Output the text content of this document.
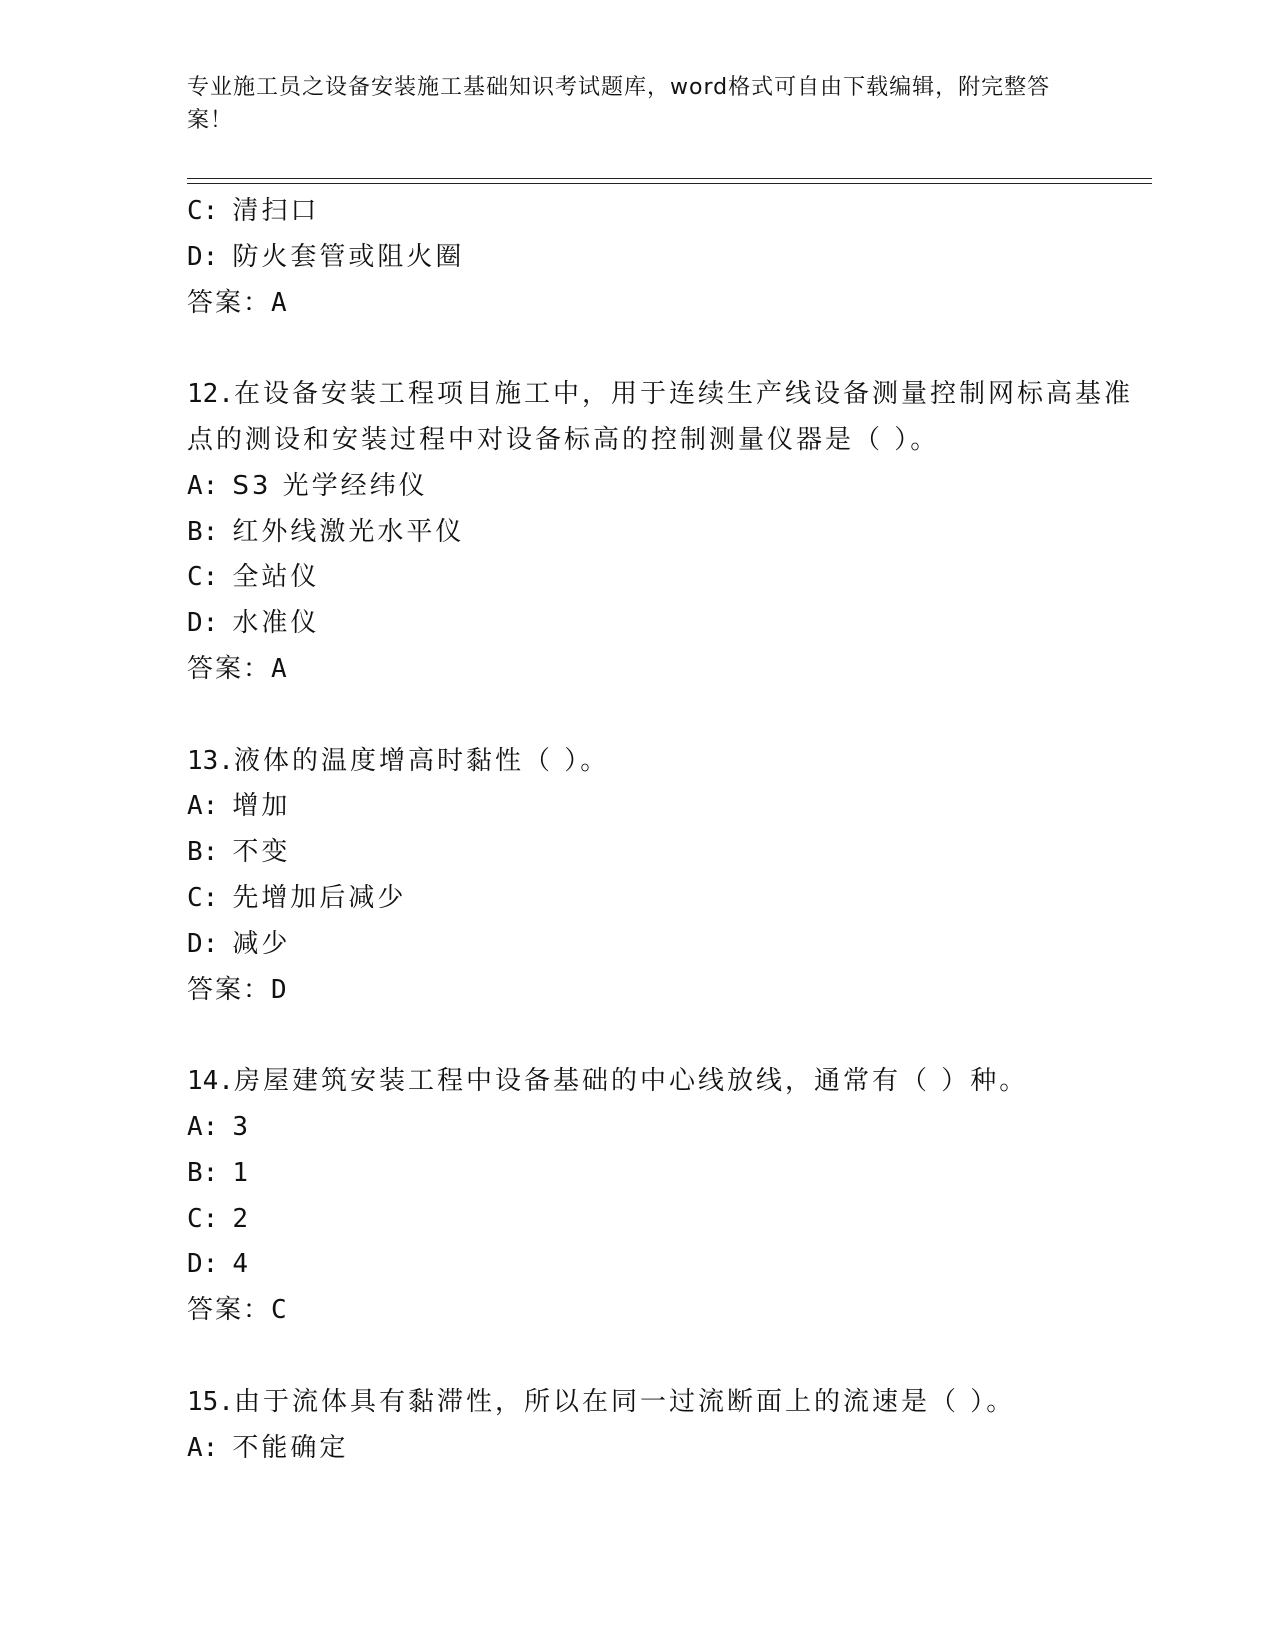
专业施工员之设备安装施工基础知识考试题库，word格式可自由下载编辑，附完整答案！
C: 清扫口
D: 防火套管或阻火圈
答案：A
12.在设备安装工程项目施工中，用于连续生产线设备测量控制网标高基准点的测设和安装过程中对设备标高的控制测量仪器是（ ）。
A: S3 光学经纬仪
B: 红外线激光水平仪
C: 全站仪
D: 水准仪
答案：A
13.液体的温度增高时黏性（ ）。
A: 增加
B: 不变
C: 先增加后减少
D: 减少
答案：D
14.房屋建筑安装工程中设备基础的中心线放线，通常有（ ）种。
A: 3
B: 1
C: 2
D: 4
答案：C
15.由于流体具有黏滞性，所以在同一过流断面上的流速是（ ）。
A: 不能确定
